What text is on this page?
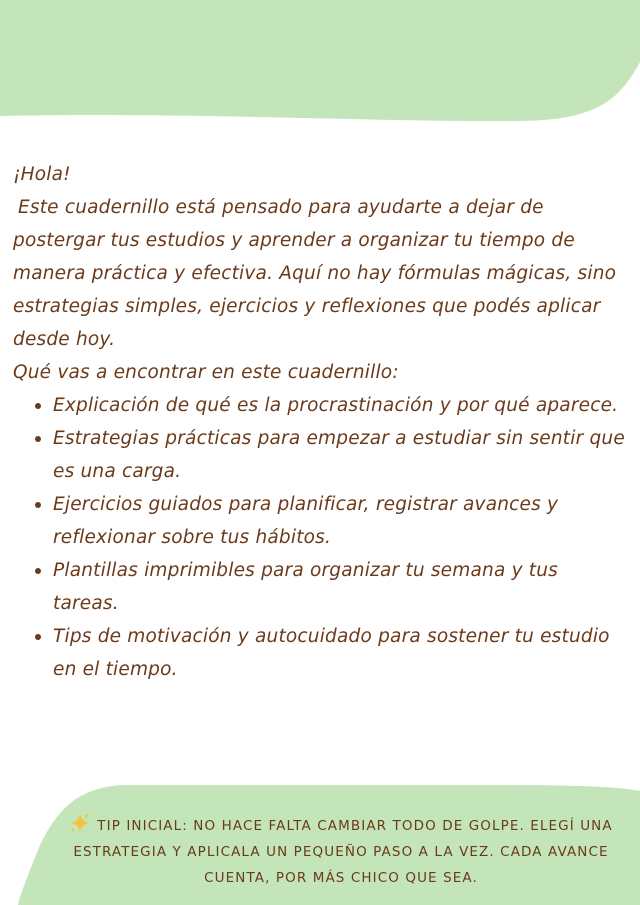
¡Hola!

Este cuadernillo está pensado para ayudarte a dejar de postergar tus estudios y aprender a organizar tu tiempo de manera práctica y efectiva. Aquí no hay fórmulas mágicas, sino estrategias simples, ejercicios y reflexiones que podés aplicar desde hoy.

Qué vas a encontrar en este cuadernillo:

Explicación de qué es la procrastinación y por qué aparece.
Estrategias prácticas para empezar a estudiar sin sentir que es una carga.
Ejercicios guiados para planificar, registrar avances y reflexionar sobre tus hábitos.
Plantillas imprimibles para organizar tu semana y tus tareas.
Tips de motivación y autocuidado para sostener tu estudio en el tiempo.
TIP INICIAL: NO HACE FALTA CAMBIAR TODO DE GOLPE. ELEGÍ UNA ESTRATEGIA Y APLICALA UN PEQUEÑO PASO A LA VEZ. CADA AVANCE CUENTA, POR MÁS CHICO QUE SEA.
